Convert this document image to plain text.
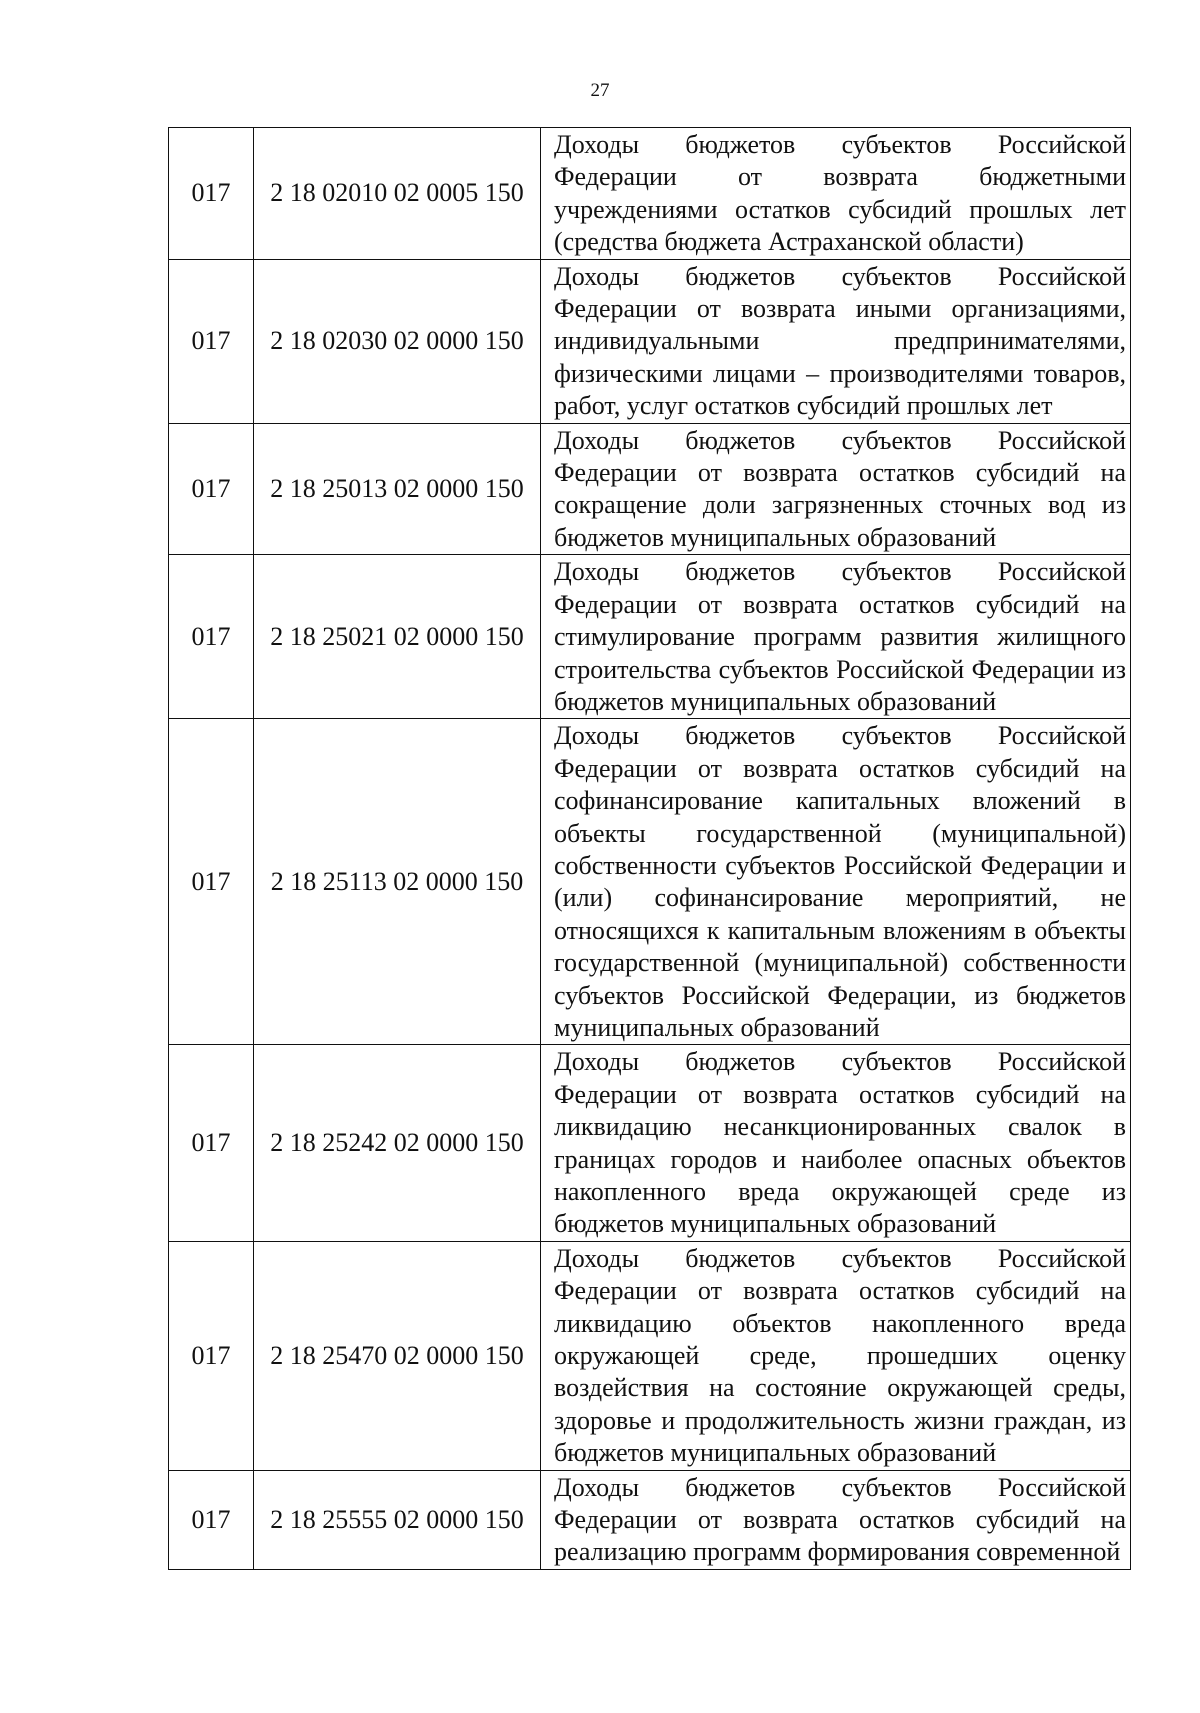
27
017	2 18 02010 02 0005 150	Доходы бюджетов субъектов Российской Федерации от возврата бюджетными учреждениями остатков субсидий прошлых лет (средства бюджета Астраханской области)
017	2 18 02030 02 0000 150	Доходы бюджетов субъектов Российской Федерации от возврата иными организациями, индивидуальными предпринимателями, физическими лицами – производителями товаров, работ, услуг остатков субсидий прошлых лет
017	2 18 25013 02 0000 150	Доходы бюджетов субъектов Российской Федерации от возврата остатков субсидий на сокращение доли загрязненных сточных вод из бюджетов муниципальных образований
017	2 18 25021 02 0000 150	Доходы бюджетов субъектов Российской Федерации от возврата остатков субсидий на стимулирование программ развития жилищного строительства субъектов Российской Федерации из бюджетов муниципальных образований
017	2 18 25113 02 0000 150	Доходы бюджетов субъектов Российской Федерации от возврата остатков субсидий на софинансирование капитальных вложений в объекты государственной (муниципальной) собственности субъектов Российской Федерации и (или) софинансирование мероприятий, не относящихся к капитальным вложениям в объекты государственной (муниципальной) собственности субъектов Российской Федерации, из бюджетов муниципальных образований
017	2 18 25242 02 0000 150	Доходы бюджетов субъектов Российской Федерации от возврата остатков субсидий на ликвидацию несанкционированных свалок в границах городов и наиболее опасных объектов накопленного вреда окружающей среде из бюджетов муниципальных образований
017	2 18 25470 02 0000 150	Доходы бюджетов субъектов Российской Федерации от возврата остатков субсидий на ликвидацию объектов накопленного вреда окружающей среде, прошедших оценку воздействия на состояние окружающей среды, здоровье и продолжительность жизни граждан, из бюджетов муниципальных образований
017	2 18 25555 02 0000 150	Доходы бюджетов субъектов Российской Федерации от возврата остатков субсидий на реализацию программ формирования современной
